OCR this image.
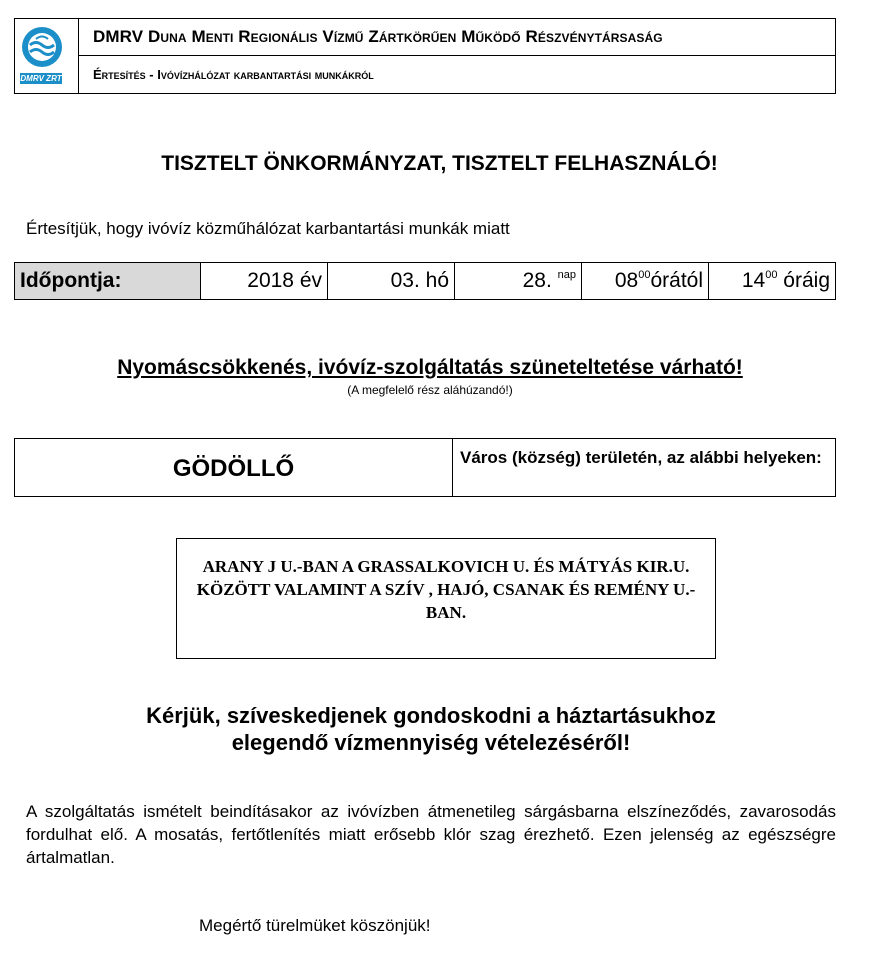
DMRV ZRT
DMRV Duna Menti Regionális Vízmű Zártkörűen Működő Részvénytársaság
Értesítés - Ivóvízhálózat karbantartási munkákról
TISZTELT ÖNKORMÁNYZAT, TISZTELT FELHASZNÁLÓ!
Értesítjük, hogy ivóvíz közműhálózat karbantartási munkák miatt
Időpontja:	2018 év	03. hó	28. $^{nap}$	$08^{00}órától$	$14^{00}$ óráig
Nyomáscsökkenés, ivóvíz-szolgáltatás szüneteltetése várható!
(A megfelelő rész aláhúzandó!)
GÖDÖLLŐ	Város (község) területén, az alábbi helyeken:
ARANY J U.-BAN A GRASSALKOVICH U. ÉS MÁTYÁS KIR.U. KÖZÖTT VALAMINT A SZÍV , HAJÓ, CSANAK ÉS REMÉNY U.-BAN.
Kérjük, szíveskedjenek gondoskodni a háztartásukhoz
elegendő vízmennyiség vételezéséről!
A szolgáltatás ismételt beindításakor az ivóvízben átmenetileg sárgásbarna elszíneződés, zavarosodás fordulhat elő. A mosatás, fertőtlenítés miatt erősebb klór szag érezhető. Ezen jelenség az egészségre ártalmatlan.
Megértő türelmüket köszönjük!
